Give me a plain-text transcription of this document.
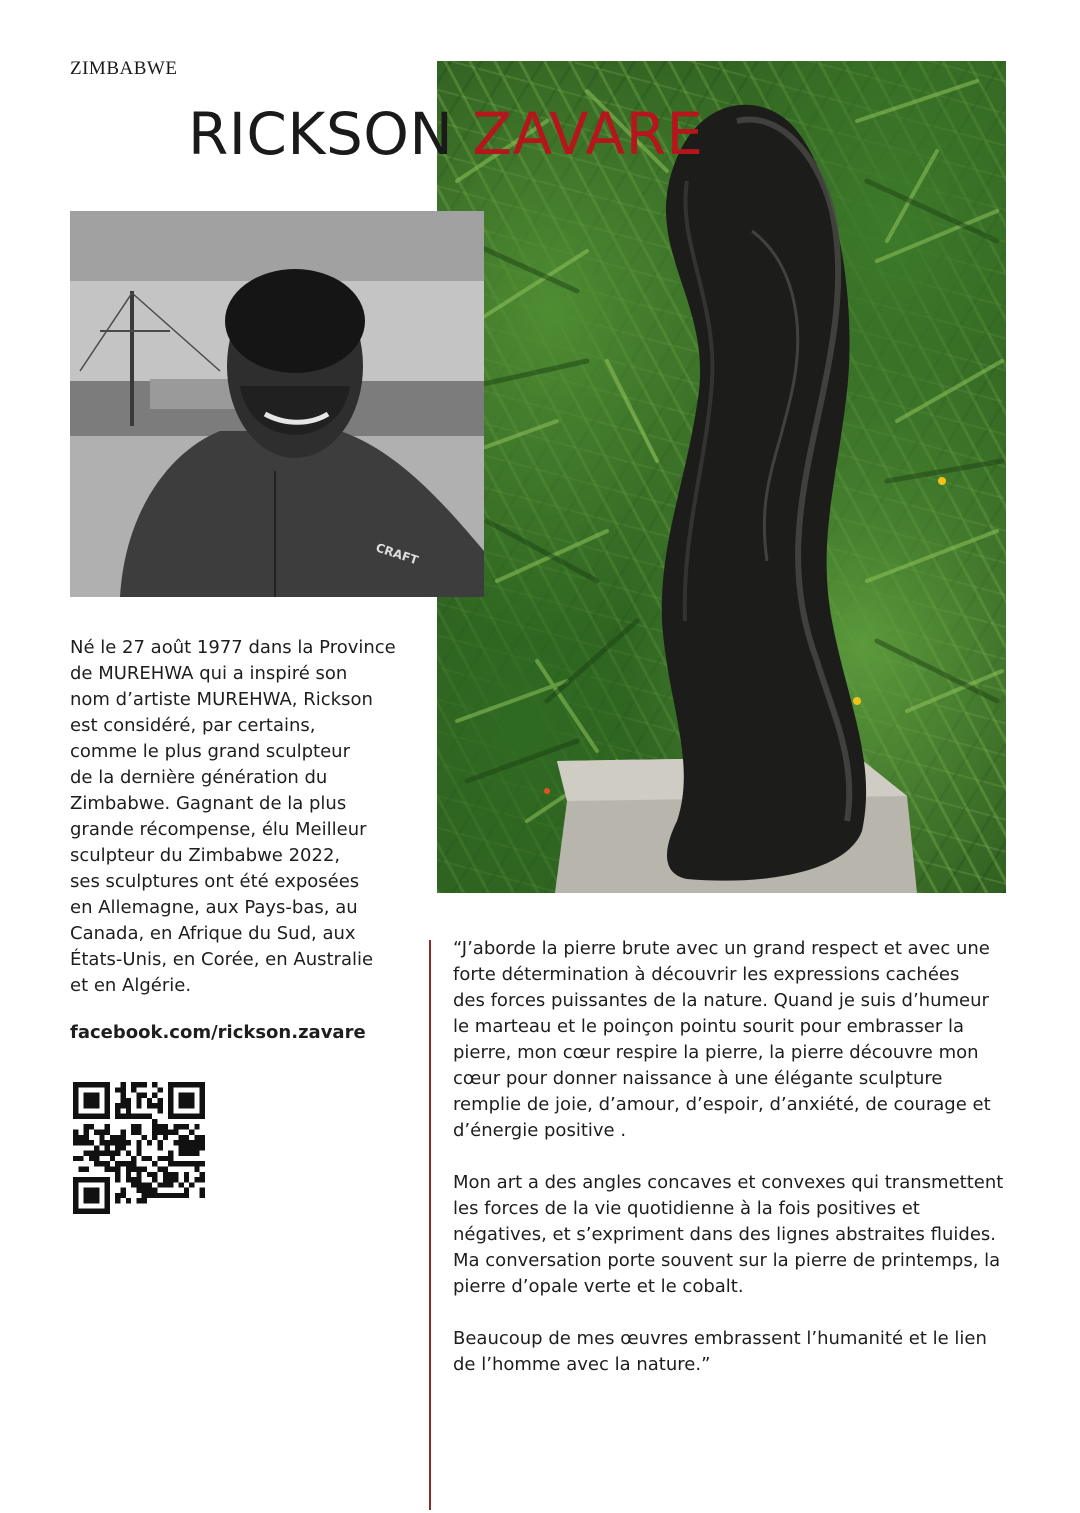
ZIMBABWE
RICKSON ZAVARE
CRAFT

Né le 27 août 1977 dans la Province
de MUREHWA qui a inspiré son
nom d’artiste MUREHWA, Rickson
est considéré, par certains,
comme le plus grand sculpteur
de la dernière génération du
Zimbabwe. Gagnant de la plus
grande récompense, élu Meilleur
sculpteur du Zimbabwe 2022,
ses sculptures ont été exposées
en Allemagne, aux Pays-bas, au
Canada, en Afrique du Sud, aux
États-Unis, en Corée, en Australie
et en Algérie.

facebook.com/rickson.zavare

“J’aborde la pierre brute avec un grand respect et avec une
forte détermination à découvrir les expressions cachées
des forces puissantes de la nature. Quand je suis d’humeur
le marteau et le poinçon pointu sourit pour embrasser la
pierre, mon cœur respire la pierre, la pierre découvre mon
cœur pour donner naissance à une élégante sculpture
remplie de joie, d’amour, d’espoir, d’anxiété, de courage et
d’énergie positive .

Mon art a des angles concaves et convexes qui transmettent
les forces de la vie quotidienne à la fois positives et
négatives, et s’expriment dans des lignes abstraites fluides.
Ma conversation porte souvent sur la pierre de printemps, la
pierre d’opale verte et le cobalt.

Beaucoup de mes œuvres embrassent l’humanité et le lien
de l’homme avec la nature.”
